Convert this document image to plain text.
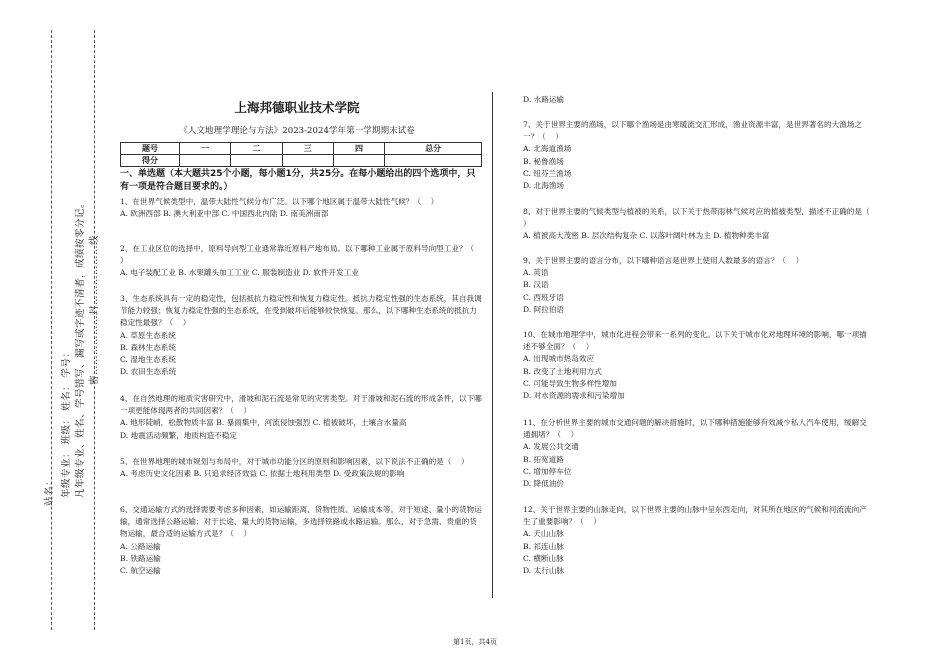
年级专业： 班级： 姓名： 学号： 凡年级专业、姓名、学号错写、漏写或字迹不清者，成绩按零分记。 密………………封………………线
站名：
上海邦德职业技术学院
《人文地理学理论与方法》2023-2024学年第一学期期末试卷
题号	一	二	三	四	总分
得分					
一、单选题（本大题共25个小题，每小题1分，共25分。在每小题给出的四个选项中，只有一项是符合题目要求的。）
1、在世界气候类型中，温带大陆性气候分布广泛。以下哪个地区属于温带大陆性气候？（    ）
A. 欧洲西部 B. 澳大利亚中部 C. 中国西北内陆 D. 南美洲南部
2、在工业区位的选择中，原料导向型工业通常靠近原料产地布局。以下哪种工业属于原料导向型工业？（    ）
A. 电子装配工业 B. 水果罐头加工工业 C. 服装制造业 D. 软件开发工业
3、生态系统具有一定的稳定性，包括抵抗力稳定性和恢复力稳定性。抵抗力稳定性强的生态系统，其自我调节能力较强；恢复力稳定性强的生态系统，在受到破坏后能够较快恢复。那么，以下哪种生态系统的抵抗力稳定性最强？（    ）
A. 草原生态系统
B. 森林生态系统
C. 湿地生态系统
D. 农田生态系统
4、在自然地理的地质灾害研究中，滑坡和泥石流是常见的灾害类型。对于滑坡和泥石流的形成条件，以下哪一项更能体现两者的共同因素？（    ）
A. 地形陡峭，松散物质丰富 B. 暴雨集中，河流侵蚀强烈 C. 植被破坏，土壤含水量高
D. 地震活动频繁，地质构造不稳定
5、在世界地理的城市规划与布局中，对于城市功能分区的原则和影响因素，以下说法不正确的是（    ）
A. 考虑历史文化因素 B. 只追求经济效益 C. 依据土地利用类型 D. 受政策法规的影响
6、交通运输方式的选择需要考虑多种因素，如运输距离、货物性质、运输成本等。对于短途、量小的货物运输，通常选择公路运输；对于长途、量大的货物运输，多选择铁路或水路运输。那么，对于急需、贵重的货物运输，最合适的运输方式是？（    ）
A. 公路运输
B. 铁路运输
C. 航空运输
D. 水路运输
7、关于世界主要的渔场，以下哪个渔场是由寒暖流交汇形成，渔业资源丰富，是世界著名的大渔场之一？（    ）
A. 北海道渔场
B. 秘鲁渔场
C. 纽芬兰渔场
D. 北海渔场
8、对于世界主要的气候类型与植被的关系，以下关于热带雨林气候对应的植被类型，描述不正确的是（    ）
A. 植被高大茂密 B. 层次结构复杂 C. 以落叶阔叶林为主 D. 植物种类丰富
9、关于世界主要的语言分布，以下哪种语言是世界上使用人数最多的语言？（    ）
A. 英语
B. 汉语
C. 西班牙语
D. 阿拉伯语
10、在城市地理学中，城市化进程会带来一系列的变化。以下关于城市化对地理环境的影响，哪一项描述不够全面？（    ）
A. 出现城市热岛效应
B. 改变了土地利用方式
C. 可能导致生物多样性增加
D. 对水资源的需求和污染增加
11、在分析世界主要的城市交通问题的解决措施时，以下哪种措施能够有效减少私人汽车使用，缓解交通拥堵？（    ）
A. 发展公共交通
B. 拓宽道路
C. 增加停车位
D. 降低油价
12、关于世界主要的山脉走向，以下世界主要的山脉中呈东西走向，对其所在地区的气候和河流流向产生了重要影响？（    ）
A. 天山山脉
B. 祁连山脉
C. 横断山脉
D. 太行山脉
第1页，共4页
